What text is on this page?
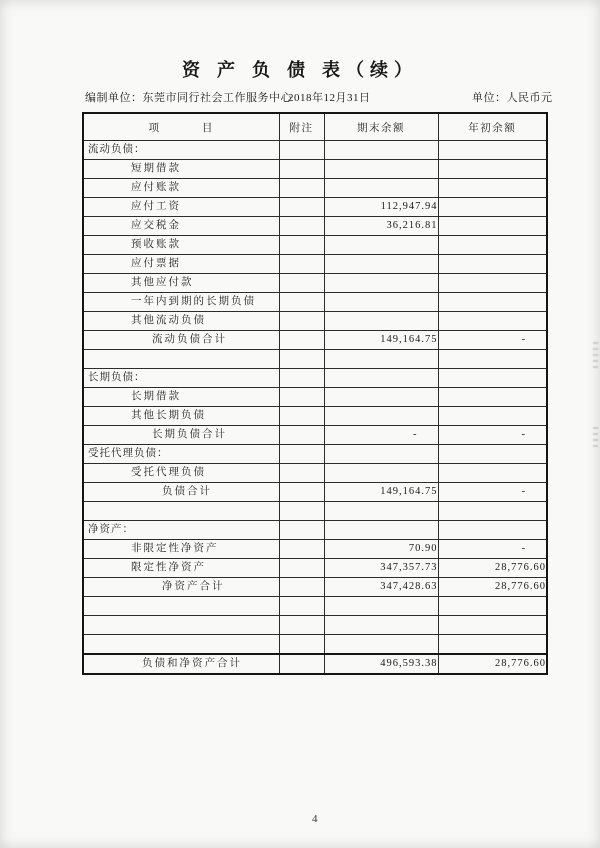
资 产 负 债 表（续）
编制单位：东莞市同行社会工作服务中心
2018年12月31日	单位：人民币元
项          目	附注	期末余额	年初余额
流动负债：			
短期借款			
应付账款			
应付工资		112,947.94	
应交税金		36,216.81	
预收账款			
应付票据			
其他应付款			
一年内到期的长期负债			
其他流动负债			
流动负债合计		149,164.75	-

长期负债：			
长期借款			
其他长期负债			
长期负债合计		-	-
受托代理负债：			
受托代理负债			
负债合计		149,164.75	-

净资产：			
非限定性净资产		70.90	-
限定性净资产		347,357.73	28,776.60
净资产合计		347,428.63	28,776.60

负债和净资产合计		496,593.38	28,776.60
4
